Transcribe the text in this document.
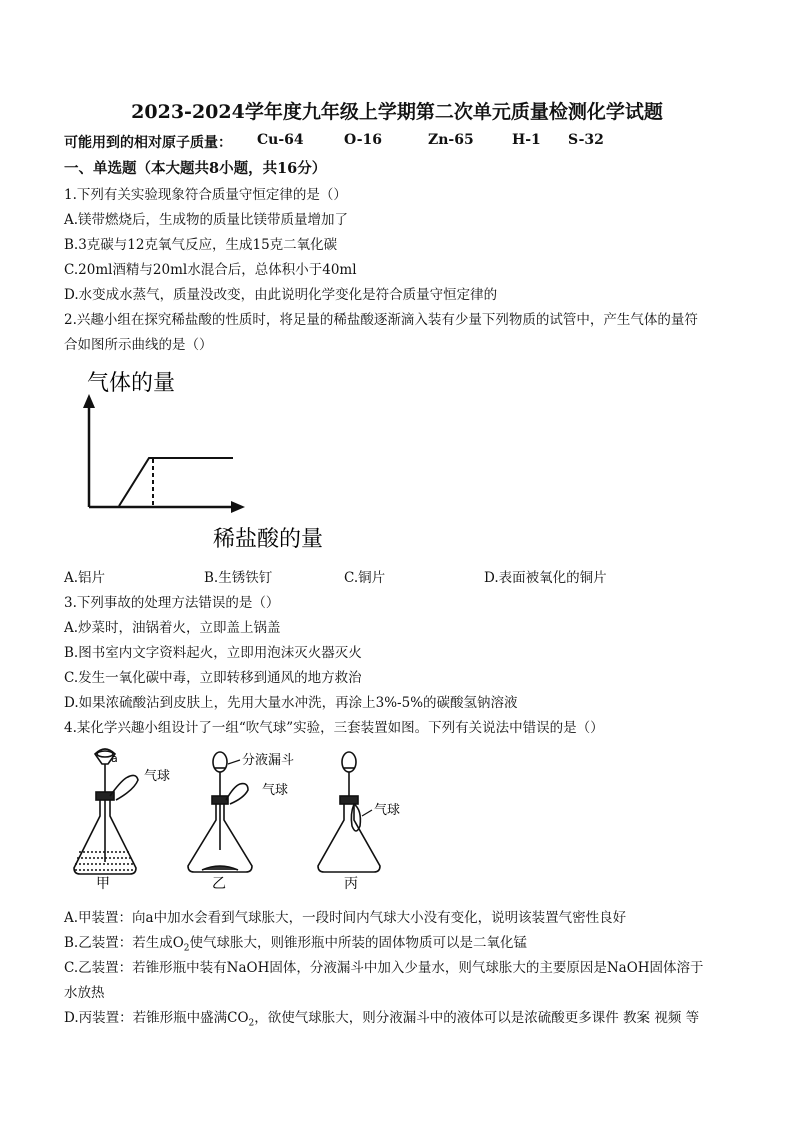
2023-2024学年度九年级上学期第二次单元质量检测化学试题
可能用到的相对原子质量： Cu-64	O-16	Zn-65	H-1 S-32
一、单选题（本大题共8小题，共16分）
1.下列有关实验现象符合质量守恒定律的是（）
A.镁带燃烧后，生成物的质量比镁带质量增加了
B.3克碳与12克氧气反应，生成15克二氧化碳
C.20ml酒精与20ml水混合后，总体积小于40ml
D.水变成水蒸气，质量没改变，由此说明化学变化是符合质量守恒定律的
2.兴趣小组在探究稀盐酸的性质时，将足量的稀盐酸逐渐滴入装有少量下列物质的试管中，产生气体的量符
合如图所示曲线的是（）
气体的量
稀盐酸的量
A.铝片	B.生锈铁钉	C.铜片	D.表面被氧化的铜片
3.下列事故的处理方法错误的是（）
A.炒菜时，油锅着火，立即盖上锅盖
B.图书室内文字资料起火，立即用泡沫灭火器灭火
C.发生一氧化碳中毒，立即转移到通风的地方救治
D.如果浓硫酸沾到皮肤上，先用大量水冲洗，再涂上3%-5%的碳酸氢钠溶液
4.某化学兴趣小组设计了一组“吹气球”实验，三套装置如图。下列有关说法中错误的是（）
a
气球
甲
分液漏斗
气球
乙
气球
丙
A.甲装置：向a中加水会看到气球胀大，一段时间内气球大小没有变化，说明该装置气密性良好
B.乙装置：若生成$O_2$使气球胀大，则锥形瓶中所装的固体物质可以是二氧化锰
C.乙装置：若锥形瓶中装有NaOH固体，分液漏斗中加入少量水，则气球胀大的主要原因是NaOH固体溶于
水放热
D.丙装置：若锥形瓶中盛满$CO_2$，欲使气球胀大，则分液漏斗中的液体可以是浓硫酸更多课件 教案 视频 等
